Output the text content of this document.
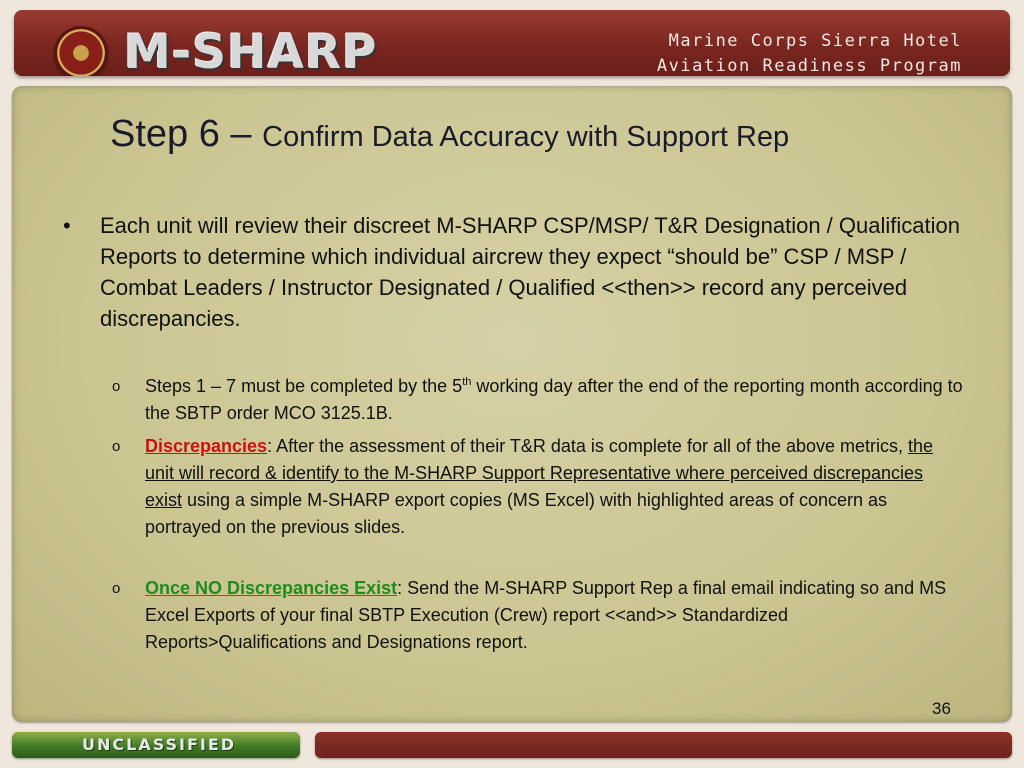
M-SHARP	Marine Corps Sierra Hotel
Aviation Readiness Program
Step 6 – Confirm Data Accuracy with Support Rep
• Each unit will review their discreet M-SHARP CSP/MSP/ T&R Designation / Qualification Reports to determine which individual aircrew they expect “should be” CSP / MSP / Combat Leaders / Instructor Designated / Qualified <<then>> record any perceived discrepancies.
o Steps 1 – 7 must be completed by the 5th working day after the end of the reporting month according to the SBTP order MCO 3125.1B.
o Discrepancies: After the assessment of their T&R data is complete for all of the above metrics, the unit will record & identify to the M-SHARP Support Representative where perceived discrepancies exist using a simple M-SHARP export copies (MS Excel) with highlighted areas of concern as portrayed on the previous slides.
o Once NO Discrepancies Exist: Send the M-SHARP Support Rep a final email indicating so and MS Excel Exports of your final SBTP Execution (Crew) report <<and>> Standardized Reports>Qualifications and Designations report.
36
UNCLASSIFIED
